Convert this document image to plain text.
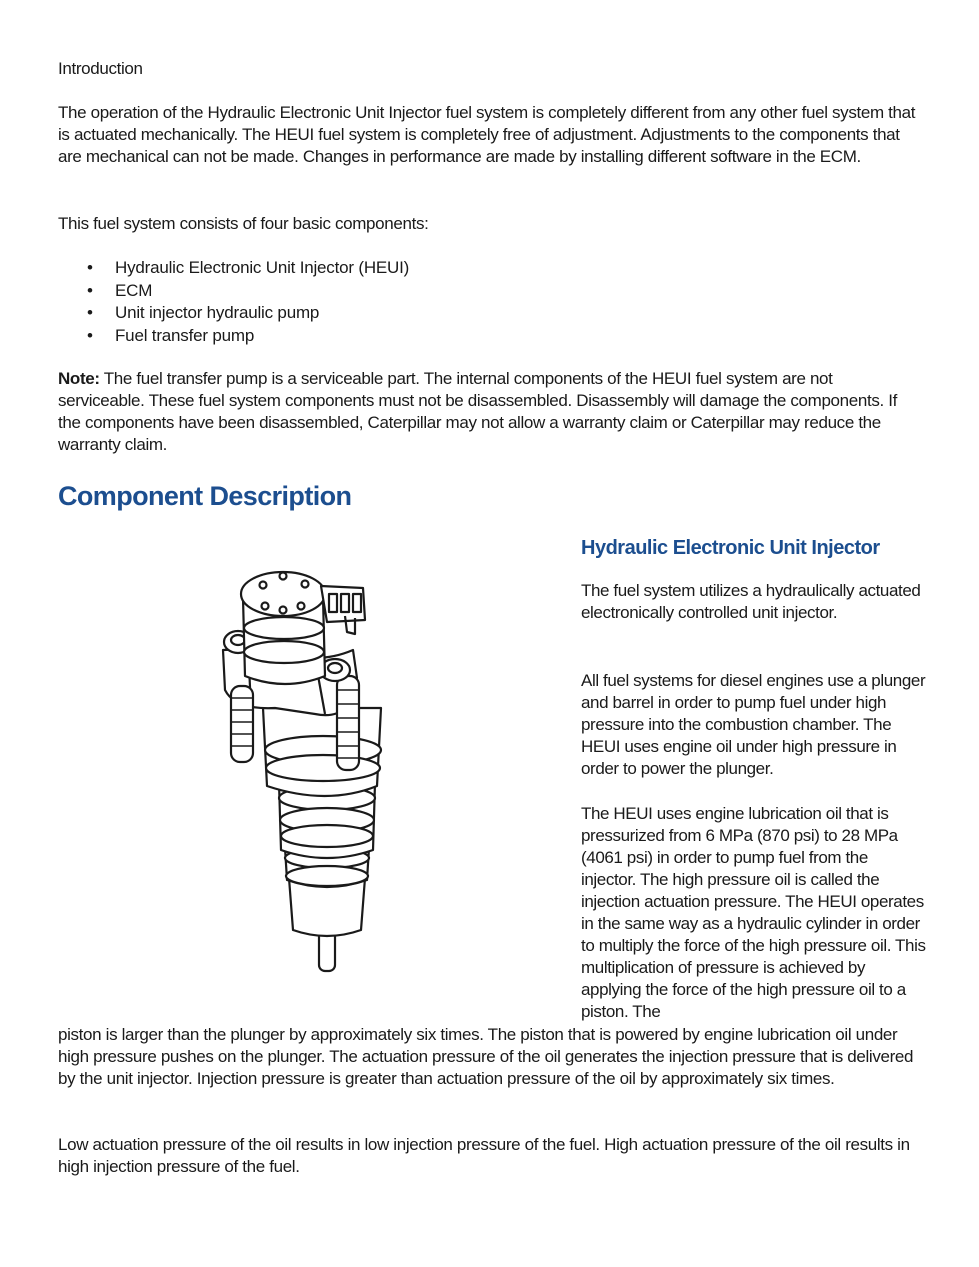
Introduction

The operation of the Hydraulic Electronic Unit Injector fuel system is completely different from any other fuel system that is actuated mechanically. The HEUI fuel system is completely free of adjustment. Adjustments to the components that are mechanical can not be made. Changes in performance are made by installing different software in the ECM.

This fuel system consists of four basic components:

• Hydraulic Electronic Unit Injector (HEUI)
• ECM
• Unit injector hydraulic pump
• Fuel transfer pump

Note: The fuel transfer pump is a serviceable part. The internal components of the HEUI fuel system are not serviceable. These fuel system components must not be disassembled. Disassembly will damage the components. If the components have been disassembled, Caterpillar may not allow a warranty claim or Caterpillar may reduce the warranty claim.

Component Description
Hydraulic Electronic Unit Injector

The fuel system utilizes a hydraulically actuated electronically controlled unit injector.

All fuel systems for diesel engines use a plunger and barrel in order to pump fuel under high pressure into the combustion chamber. The HEUI uses engine oil under high pressure in order to power the plunger.

The HEUI uses engine lubrication oil that is pressurized from 6 MPa (870 psi) to 28 MPa (4061 psi) in order to pump fuel from the injector. The high pressure oil is called the injection actuation pressure. The HEUI operates in the same way as a hydraulic cylinder in order to multiply the force of the high pressure oil. This multiplication of pressure is achieved by applying the force of the high pressure oil to a piston. The

piston is larger than the plunger by approximately six times. The piston that is powered by engine lubrication oil under high pressure pushes on the plunger. The actuation pressure of the oil generates the injection pressure that is delivered by the unit injector. Injection pressure is greater than actuation pressure of the oil by approximately six times.

Low actuation pressure of the oil results in low injection pressure of the fuel. High actuation pressure of the oil results in high injection pressure of the fuel.
